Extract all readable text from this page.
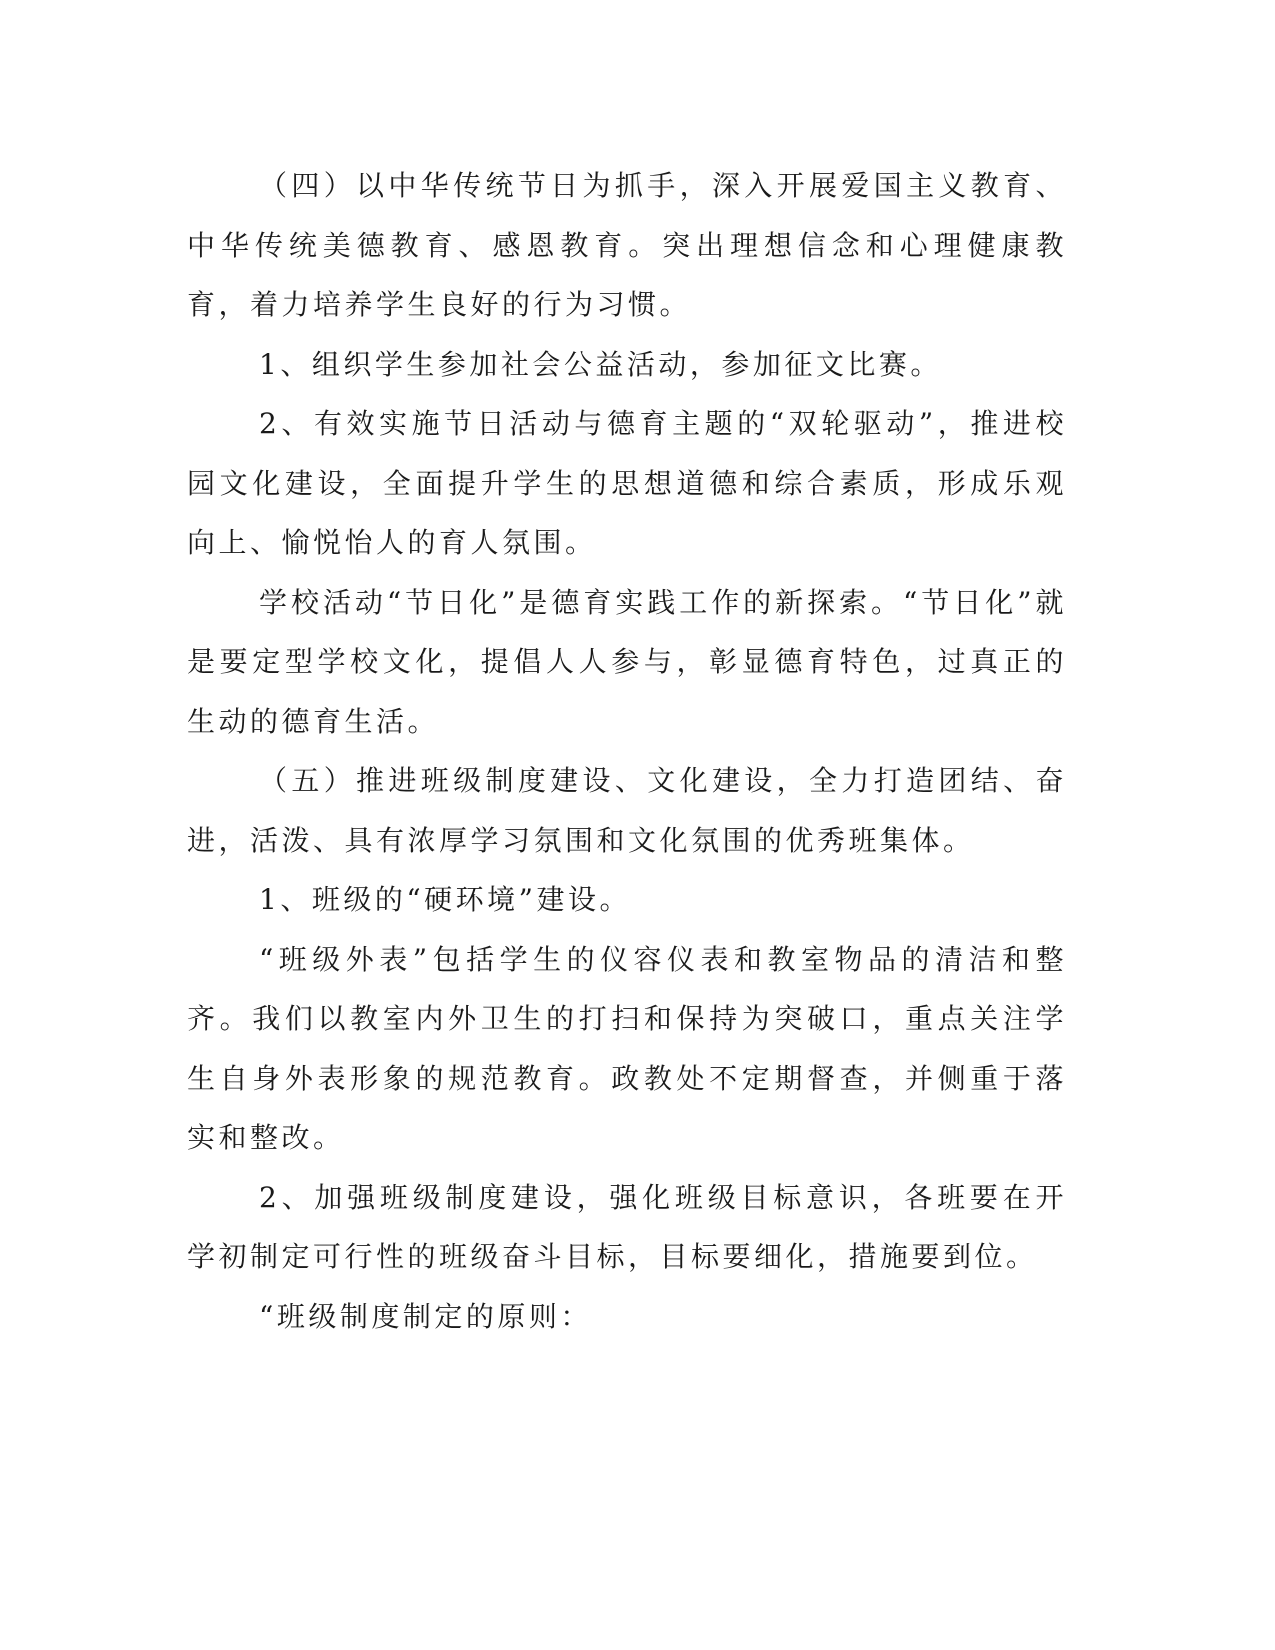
（四）以中华传统节日为抓手，深入开展爱国主义教育、中华传统美德教育、感恩教育。突出理想信念和心理健康教育，着力培养学生良好的行为习惯。

1、组织学生参加社会公益活动，参加征文比赛。

2、有效实施节日活动与德育主题的“双轮驱动”，推进校园文化建设，全面提升学生的思想道德和综合素质，形成乐观向上、愉悦怡人的育人氛围。

学校活动“节日化”是德育实践工作的新探索。“节日化”就是要定型学校文化，提倡人人参与，彰显德育特色，过真正的生动的德育生活。

（五）推进班级制度建设、文化建设，全力打造团结、奋进，活泼、具有浓厚学习氛围和文化氛围的优秀班集体。

1、班级的“硬环境”建设。

“班级外表”包括学生的仪容仪表和教室物品的清洁和整齐。我们以教室内外卫生的打扫和保持为突破口，重点关注学生自身外表形象的规范教育。政教处不定期督查，并侧重于落实和整改。

2、加强班级制度建设，强化班级目标意识，各班要在开学初制定可行性的班级奋斗目标，目标要细化，措施要到位。

“班级制度制定的原则：
